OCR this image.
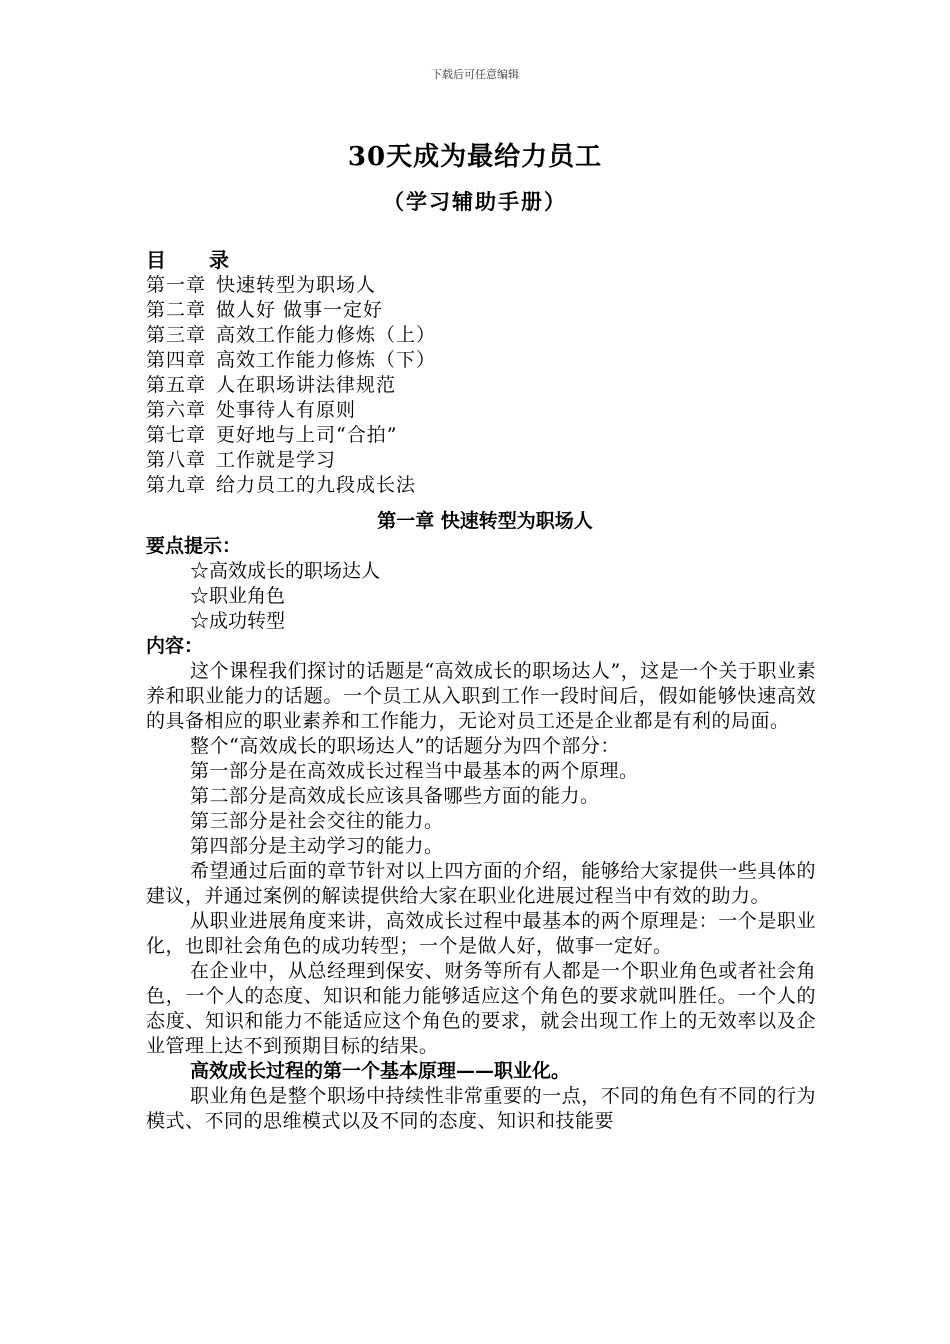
下载后可任意编辑
30天成为最给力员工
（学习辅助手册）
目 录
第一章 快速转型为职场人
第二章 做人好 做事一定好
第三章 高效工作能力修炼（上）
第四章 高效工作能力修炼（下）
第五章 人在职场讲法律规范
第六章 处事待人有原则
第七章 更好地与上司“合拍”
第八章 工作就是学习
第九章 给力员工的九段成长法
第一章 快速转型为职场人
要点提示：
☆高效成长的职场达人
☆职业角色
☆成功转型
内容：
这个课程我们探讨的话题是“高效成长的职场达人”，这是一个关于职业素养和职业能力的话题。一个员工从入职到工作一段时间后，假如能够快速高效的具备相应的职业素养和工作能力，无论对员工还是企业都是有利的局面。
整个“高效成长的职场达人”的话题分为四个部分：
第一部分是在高效成长过程当中最基本的两个原理。
第二部分是高效成长应该具备哪些方面的能力。
第三部分是社会交往的能力。
第四部分是主动学习的能力。
希望通过后面的章节针对以上四方面的介绍，能够给大家提供一些具体的建议，并通过案例的解读提供给大家在职业化进展过程当中有效的助力。
从职业进展角度来讲，高效成长过程中最基本的两个原理是：一个是职业化，也即社会角色的成功转型；一个是做人好，做事一定好。
在企业中，从总经理到保安、财务等所有人都是一个职业角色或者社会角色，一个人的态度、知识和能力能够适应这个角色的要求就叫胜任。一个人的态度、知识和能力不能适应这个角色的要求，就会出现工作上的无效率以及企业管理上达不到预期目标的结果。
高效成长过程的第一个基本原理——职业化。
职业角色是整个职场中持续性非常重要的一点，不同的角色有不同的行为模式、不同的思维模式以及不同的态度、知识和技能要
